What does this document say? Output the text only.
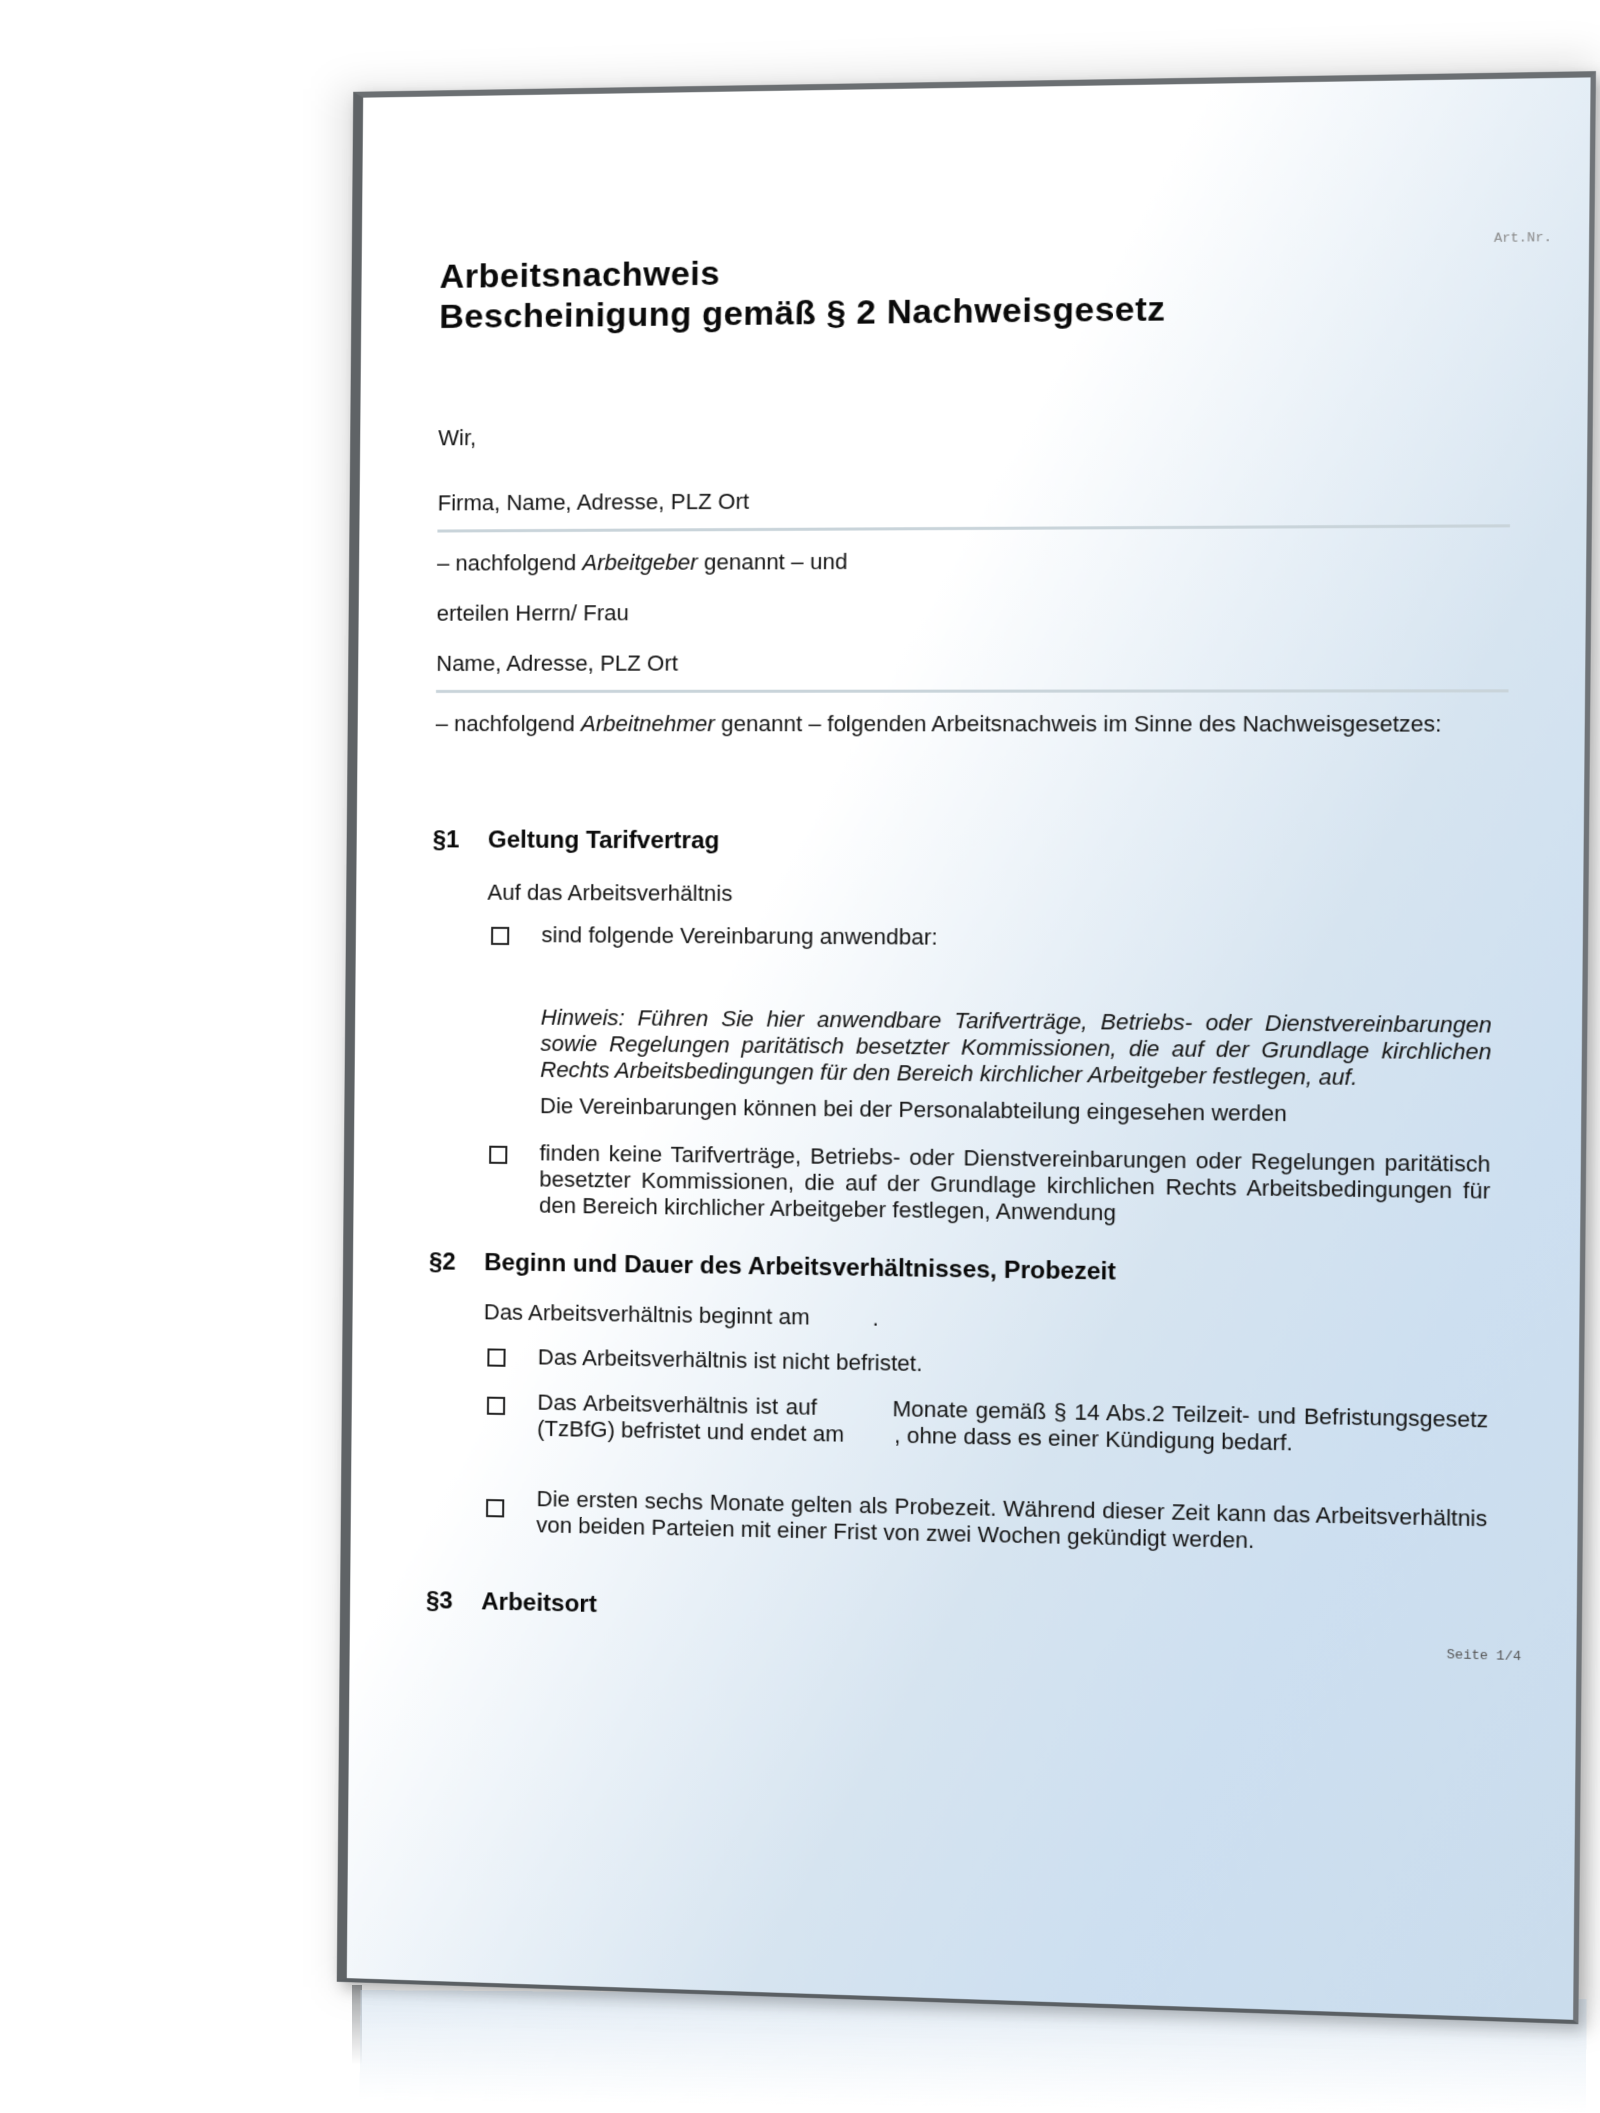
Art.Nr.
Arbeitsnachweis
Bescheinigung gemäß § 2 Nachweisgesetz
Wir,
Firma, Name, Adresse, PLZ Ort
– nachfolgend Arbeitgeber genannt – und
erteilen Herrn/ Frau
Name, Adresse, PLZ Ort
– nachfolgend Arbeitnehmer genannt – folgenden Arbeitsnachweis im Sinne des Nachweisgesetzes:
§1 Geltung Tarifvertrag
Auf das Arbeitsverhältnis
sind folgende Vereinbarung anwendbar:
Hinweis: Führen Sie hier anwendbare Tarifverträge, Betriebs- oder Dienstvereinbarungen sowie Regelungen paritätisch besetzter Kommissionen, die auf der Grundlage kirchlichen Rechts Arbeitsbedingungen für den Bereich kirchlicher Arbeitgeber festlegen, auf.
Die Vereinbarungen können bei der Personalabteilung eingesehen werden
finden keine Tarifverträge, Betriebs- oder Dienstvereinbarungen oder Regelungen paritätisch besetzter Kommissionen, die auf der Grundlage kirchlichen Rechts Arbeitsbedingungen für den Bereich kirchlicher Arbeitgeber festlegen, Anwendung
§2 Beginn und Dauer des Arbeitsverhältnisses, Probezeit
Das Arbeitsverhältnis beginnt am          .
Das Arbeitsverhältnis ist nicht befristet.
Das Arbeitsverhältnis ist auf          Monate gemäß § 14 Abs.2 Teilzeit- und Befristungsgesetz (TzBfG) befristet und endet am        , ohne dass es einer Kündigung bedarf.
Die ersten sechs Monate gelten als Probezeit. Während dieser Zeit kann das Arbeitsverhältnis von beiden Parteien mit einer Frist von zwei Wochen gekündigt werden.
§3 Arbeitsort
Seite 1/4
